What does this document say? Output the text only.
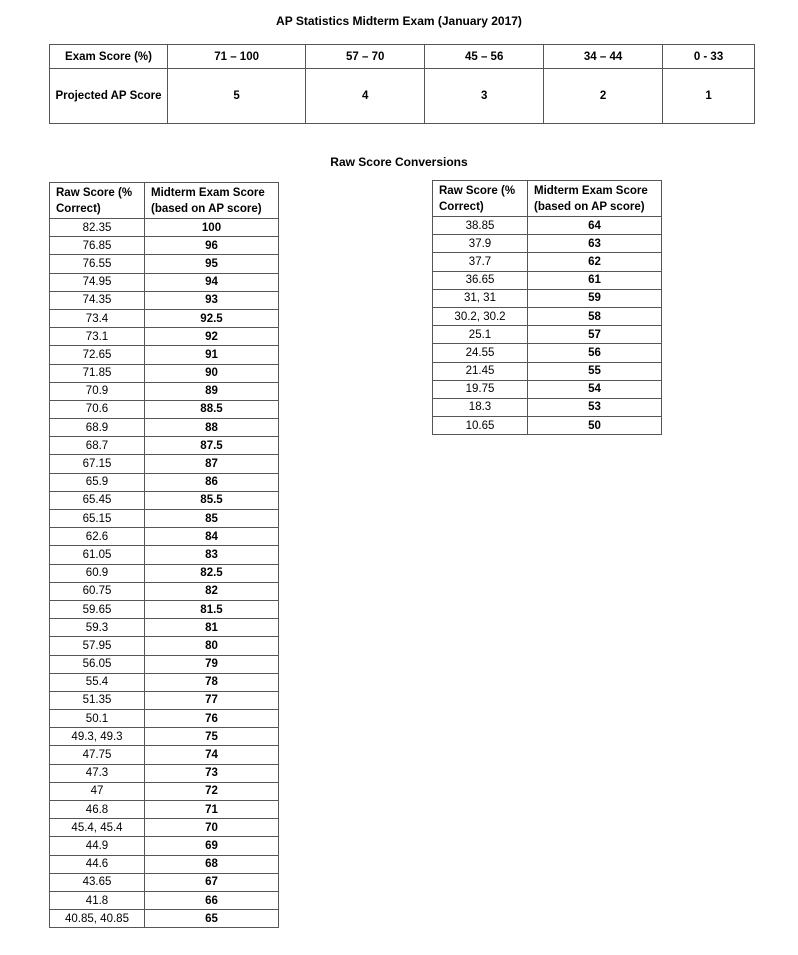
AP Statistics Midterm Exam (January 2017)
Exam Score (%)	71 – 100	57 – 70	45 – 56	34 – 44	0 - 33
Projected AP Score	5	4	3	2	1
Raw Score Conversions
Raw Score (% Correct)	Midterm Exam Score (based on AP score)
82.35	100
76.85	96
76.55	95
74.95	94
74.35	93
73.4	92.5
73.1	92
72.65	91
71.85	90
70.9	89
70.6	88.5
68.9	88
68.7	87.5
67.15	87
65.9	86
65.45	85.5
65.15	85
62.6	84
61.05	83
60.9	82.5
60.75	82
59.65	81.5
59.3	81
57.95	80
56.05	79
55.4	78
51.35	77
50.1	76
49.3, 49.3	75
47.75	74
47.3	73
47	72
46.8	71
45.4, 45.4	70
44.9	69
44.6	68
43.65	67
41.8	66
40.85, 40.85	65
Raw Score (% Correct)	Midterm Exam Score (based on AP score)
38.85	64
37.9	63
37.7	62
36.65	61
31, 31	59
30.2, 30.2	58
25.1	57
24.55	56
21.45	55
19.75	54
18.3	53
10.65	50
